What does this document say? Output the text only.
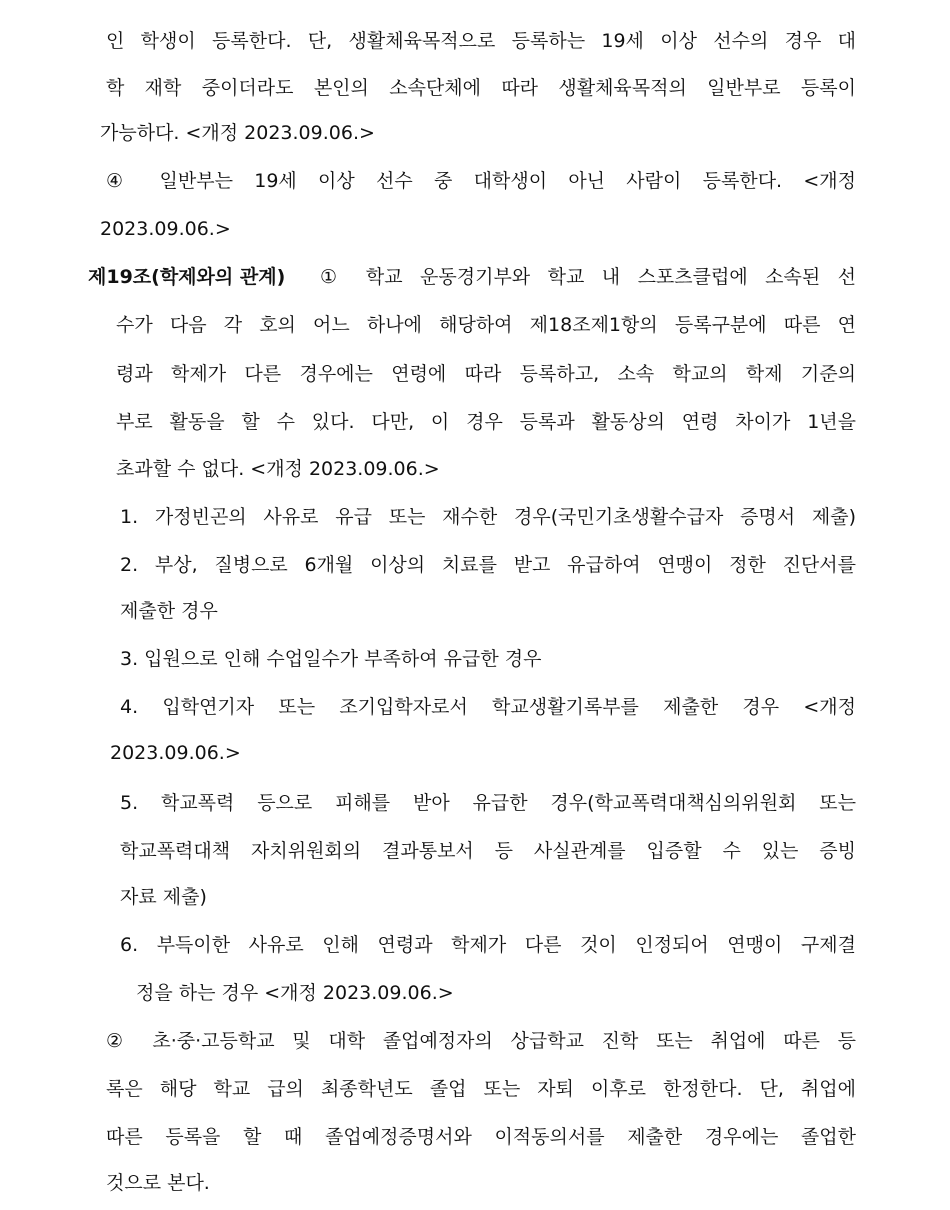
인 학생이 등록한다. 단, 생활체육목적으로 등록하는 19세 이상 선수의 경우 대
학 재학 중이더라도 본인의 소속단체에 따라 생활체육목적의 일반부로 등록이
가능하다. <개정 2023.09.06.>
④ 일반부는 19세 이상 선수 중 대학생이 아닌 사람이 등록한다. <개정
2023.09.06.>
제19조(학제와의 관계) ① 학교 운동경기부와 학교 내 스포츠클럽에 소속된 선
수가 다음 각 호의 어느 하나에 해당하여 제18조제1항의 등록구분에 따른 연
령과 학제가 다른 경우에는 연령에 따라 등록하고, 소속 학교의 학제 기준의
부로 활동을 할 수 있다. 다만, 이 경우 등록과 활동상의 연령 차이가 1년을
초과할 수 없다. <개정 2023.09.06.>
1. 가정빈곤의 사유로 유급 또는 재수한 경우(국민기초생활수급자 증명서 제출)
2. 부상, 질병으로 6개월 이상의 치료를 받고 유급하여 연맹이 정한 진단서를
제출한 경우
3. 입원으로 인해 수업일수가 부족하여 유급한 경우
4. 입학연기자 또는 조기입학자로서 학교생활기록부를 제출한 경우 <개정
2023.09.06.>
5. 학교폭력 등으로 피해를 받아 유급한 경우(학교폭력대책심의위원회 또는
학교폭력대책 자치위원회의 결과통보서 등 사실관계를 입증할 수 있는 증빙
자료 제출)
6. 부득이한 사유로 인해 연령과 학제가 다른 것이 인정되어 연맹이 구제결
정을 하는 경우 <개정 2023.09.06.>
② 초·중·고등학교 및 대학 졸업예정자의 상급학교 진학 또는 취업에 따른 등
록은 해당 학교 급의 최종학년도 졸업 또는 자퇴 이후로 한정한다. 단, 취업에
따른 등록을 할 때 졸업예정증명서와 이적동의서를 제출한 경우에는 졸업한
것으로 본다.
